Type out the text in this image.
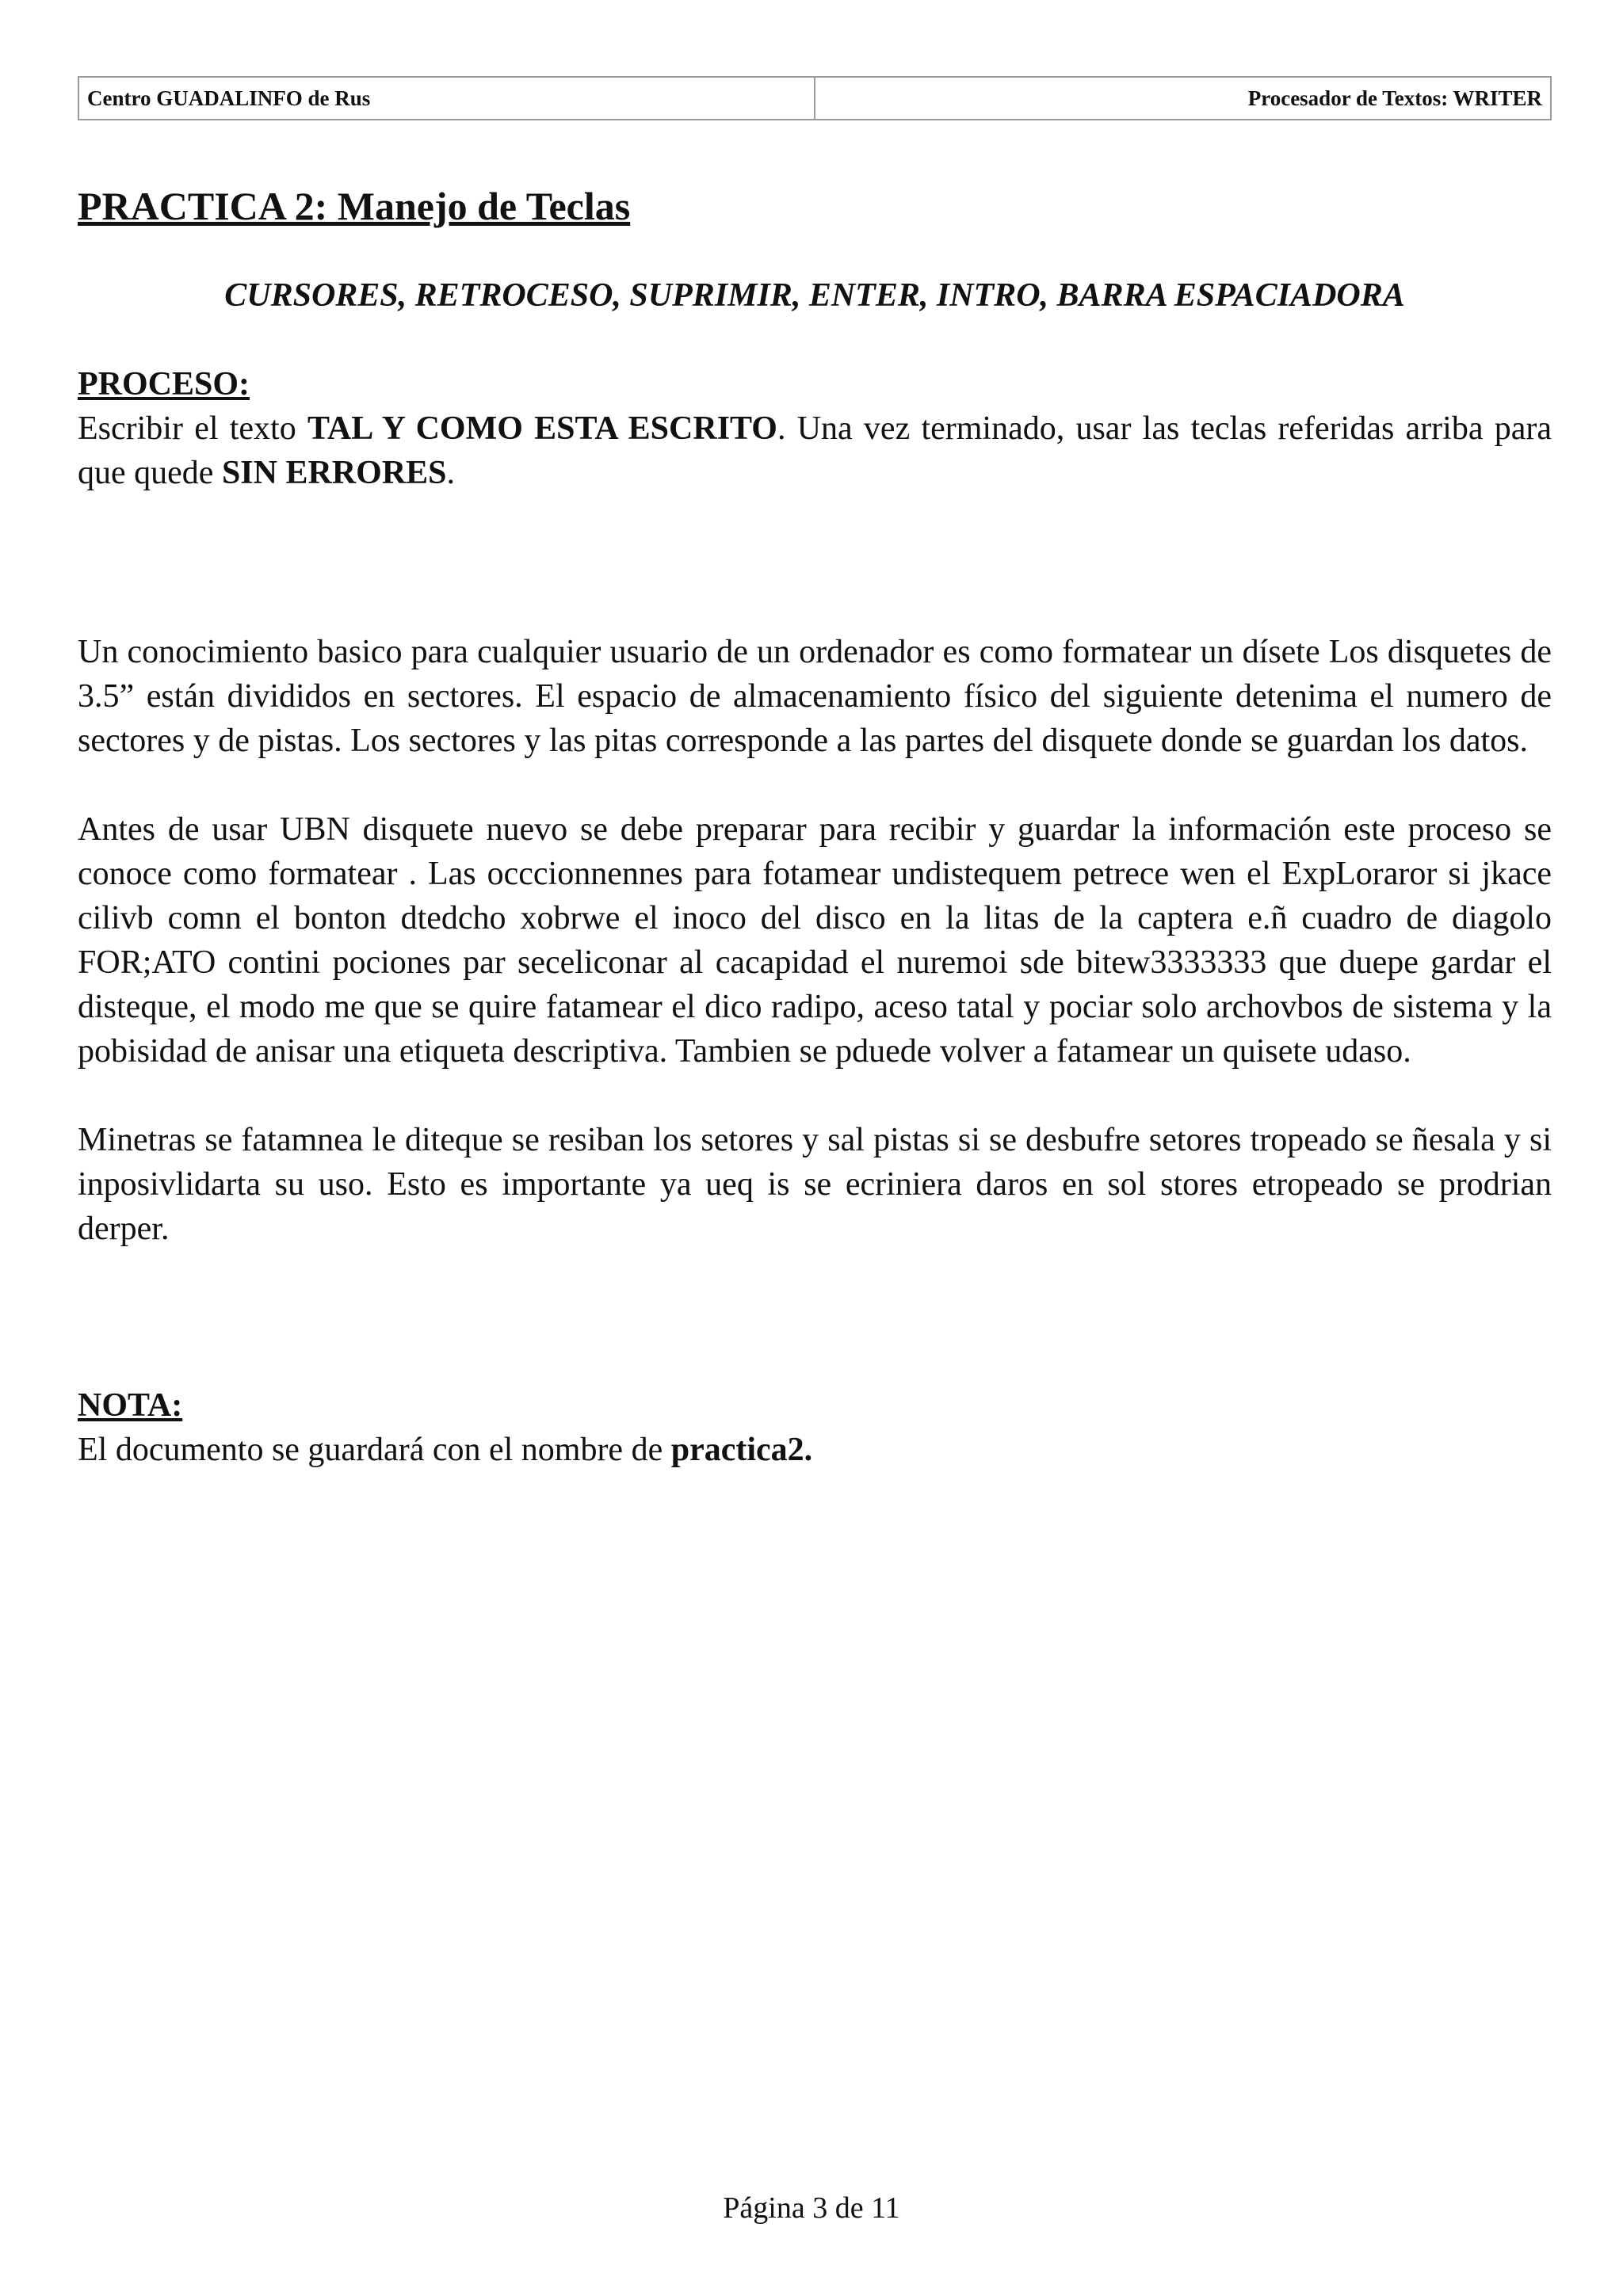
Centro GUADALINFO de Rus	Procesador de Textos: WRITER
PRACTICA 2: Manejo de Teclas
CURSORES, RETROCESO, SUPRIMIR, ENTER, INTRO, BARRA ESPACIADORA
PROCESO:

Escribir el texto TAL Y COMO ESTA ESCRITO. Una vez terminado, usar las teclas referidas arriba para que quede SIN ERRORES.

Un conocimiento basico para cualquier usuario de un ordenador es como formatear un dísete Los disquetes de 3.5” están divididos en sectores. El espacio de almacenamiento físico del siguiente detenima el numero de sectores y de pistas. Los sectores y las pitas corresponde a las partes del disquete donde se guardan los datos.

Antes de usar UBN disquete nuevo se debe preparar para recibir y guardar la información este proceso se conoce como formatear . Las occcionnennes para fotamear undistequem petrece wen el ExpLoraror si jkace cilivb comn el bonton dtedcho xobrwe el inoco del disco en la litas de la captera e.ñ cuadro de diagolo FOR;ATO contini pociones par seceliconar al cacapidad el nuremoi sde bitew3333333 que duepe gardar el disteque, el modo me que se quire fatamear el dico radipo, aceso tatal y pociar solo archovbos de sistema y la pobisidad de anisar una etiqueta descriptiva. Tambien se pduede volver a fatamear un quisete udaso.

Minetras se fatamnea le diteque se resiban los setores y sal pistas si se desbufre setores tropeado se ñesala y si inposivlidarta su uso. Esto es importante ya ueq is se ecriniera daros en sol stores etropeado se prodrian derper.

NOTA:

El documento se guardará con el nombre de practica2.

Página 3 de 11
